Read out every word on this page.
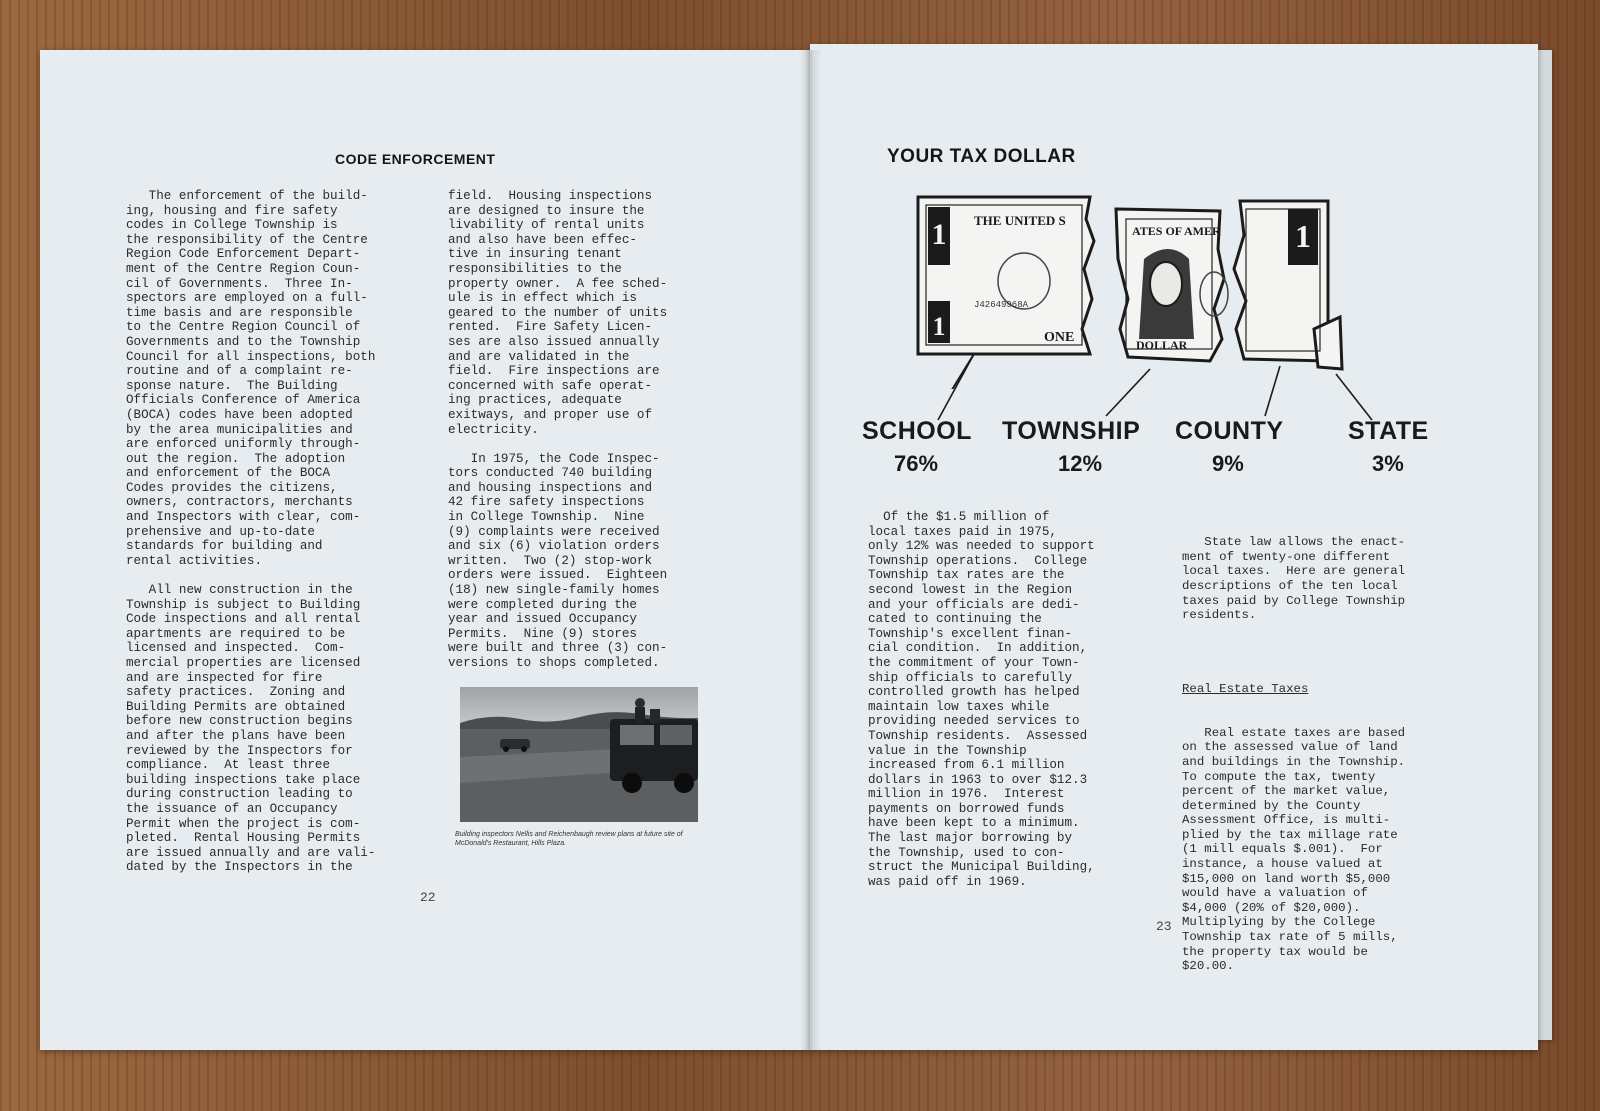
CODE ENFORCEMENT
The enforcement of the build-
ing, housing and fire safety
codes in College Township is
the responsibility of the Centre
Region Code Enforcement Depart-
ment of the Centre Region Coun-
cil of Governments.  Three In-
spectors are employed on a full-
time basis and are responsible
to the Centre Region Council of
Governments and to the Township
Council for all inspections, both
routine and of a complaint re-
sponse nature.  The Building
Officials Conference of America
(BOCA) codes have been adopted
by the area municipalities and
are enforced uniformly through-
out the region.  The adoption
and enforcement of the BOCA
Codes provides the citizens,
owners, contractors, merchants
and Inspectors with clear, com-
prehensive and up-to-date
standards for building and
rental activities.

All new construction in the
Township is subject to Building
Code inspections and all rental
apartments are required to be
licensed and inspected.  Com-
mercial properties are licensed
and are inspected for fire
safety practices.  Zoning and
Building Permits are obtained
before new construction begins
and after the plans have been
reviewed by the Inspectors for
compliance.  At least three
building inspections take place
during construction leading to
the issuance of an Occupancy
Permit when the project is com-
pleted.  Rental Housing Permits
are issued annually and are vali-
dated by the Inspectors in the
field.  Housing inspections
are designed to insure the
livability of rental units
and also have been effec-
tive in insuring tenant
responsibilities to the
property owner.  A fee sched-
ule is in effect which is
geared to the number of units
rented.  Fire Safety Licen-
ses are also issued annually
and are validated in the
field.  Fire inspections are
concerned with safe operat-
ing practices, adequate
exitways, and proper use of
electricity.

In 1975, the Code Inspec-
tors conducted 740 building
and housing inspections and
42 fire safety inspections
in College Township.  Nine
(9) complaints were received
and six (6) violation orders
written.  Two (2) stop-work
orders were issued.  Eighteen
(18) new single-family homes
were completed during the
year and issued Occupancy
Permits.  Nine (9) stores
were built and three (3) con-
versions to shops completed.
Building inspectors Nellis and Reichenbaugh review plans at future site of McDonald's Restaurant, Hills Plaza.
22
YOUR TAX DOLLAR
1	1
1
THE UNITED S
ATES OF AMER
J42649968A
ONE	DOLLAR
SCHOOL
76%
TOWNSHIP
12%
COUNTY
9%
STATE
3%
Of the $1.5 million of
local taxes paid in 1975,
only 12% was needed to support
Township operations.  College
Township tax rates are the
second lowest in the Region
and your officials are dedi-
cated to continuing the
Township's excellent finan-
cial condition.  In addition,
the commitment of your Town-
ship officials to carefully
controlled growth has helped
maintain low taxes while
providing needed services to
Township residents.  Assessed
value in the Township
increased from 6.1 million
dollars in 1963 to over $12.3
million in 1976.  Interest
payments on borrowed funds
have been kept to a minimum.
The last major borrowing by
the Township, used to con-
struct the Municipal Building,
was paid off in 1969.

State law allows the enact-
ment of twenty-one different
local taxes.  Here are general
descriptions of the ten local
taxes paid by College Township
residents.

Real Estate Taxes

Real estate taxes are based
on the assessed value of land
and buildings in the Township.
To compute the tax, twenty
percent of the market value,
determined by the County
Assessment Office, is multi-
plied by the tax millage rate
(1 mill equals $.001).  For
instance, a house valued at
$15,000 on land worth $5,000
would have a valuation of
$4,000 (20% of $20,000).
Multiplying by the College
Township tax rate of 5 mills,
the property tax would be
$20.00.

23
